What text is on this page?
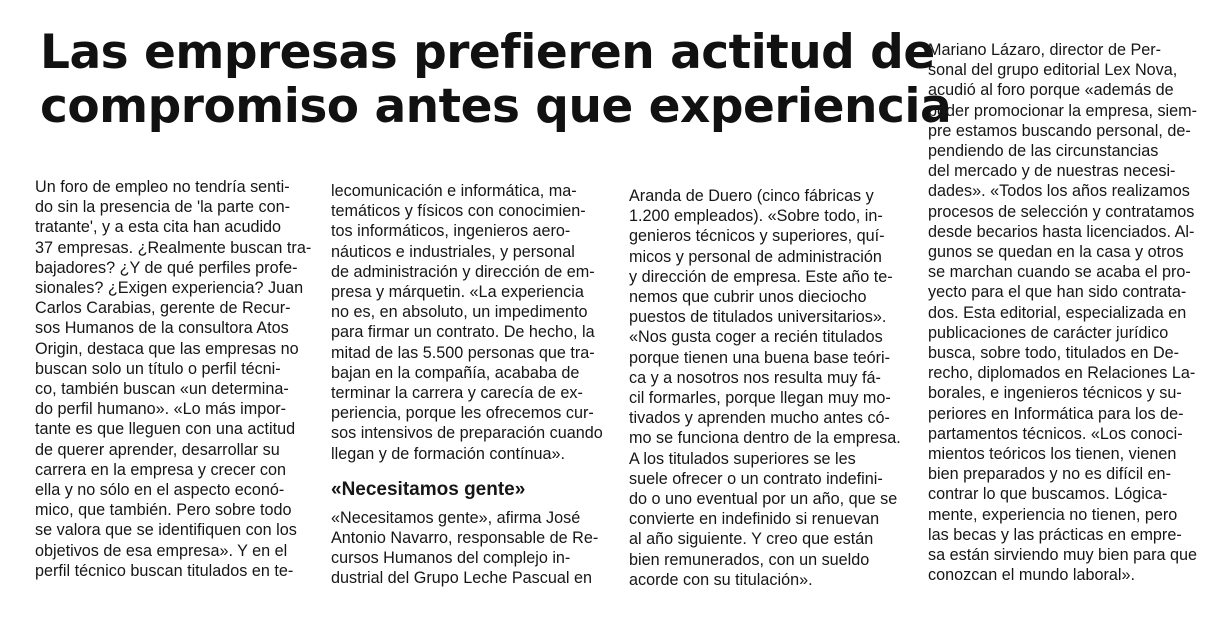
Las empresas prefieren actitud de
compromiso antes que experiencia
Un foro de empleo no tendría senti-
do sin la presencia de 'la parte con-
tratante', y a esta cita han acudido
37 empresas. ¿Realmente buscan tra-
bajadores? ¿Y de qué perfiles profe-
sionales? ¿Exigen experiencia? Juan
Carlos Carabias, gerente de Recur-
sos Humanos de la consultora Atos
Origin, destaca que las empresas no
buscan solo un título o perfil técni-
co, también buscan «un determina-
do perfil humano». «Lo más impor-
tante es que lleguen con una actitud
de querer aprender, desarrollar su
carrera en la empresa y crecer con
ella y no sólo en el aspecto econó-
mico, que también. Pero sobre todo
se valora que se identifiquen con los
objetivos de esa empresa». Y en el
perfil técnico buscan titulados en te-
lecomunicación e informática, ma-
temáticos y físicos con conocimien-
tos informáticos, ingenieros aero-
náuticos e industriales, y personal
de administración y dirección de em-
presa y márquetin. «La experiencia
no es, en absoluto, un impedimento
para firmar un contrato. De hecho, la
mitad de las 5.500 personas que tra-
bajan en la compañía, acababa de
terminar la carrera y carecía de ex-
periencia, porque les ofrecemos cur-
sos intensivos de preparación cuando
llegan y de formación contínua».
«Necesitamos gente»
«Necesitamos gente», afirma José
Antonio Navarro, responsable de Re-
cursos Humanos del complejo in-
dustrial del Grupo Leche Pascual en
Aranda de Duero (cinco fábricas y
1.200 empleados). «Sobre todo, in-
genieros técnicos y superiores, quí-
micos y personal de administración
y dirección de empresa. Este año te-
nemos que cubrir unos dieciocho
puestos de titulados universitarios».
«Nos gusta coger a recién titulados
porque tienen una buena base teóri-
ca y a nosotros nos resulta muy fá-
cil formarles, porque llegan muy mo-
tivados y aprenden mucho antes có-
mo se funciona dentro de la empresa.
A los titulados superiores se les
suele ofrecer o un contrato indefini-
do o uno eventual por un año, que se
convierte en indefinido si renuevan
al año siguiente. Y creo que están
bien remunerados, con un sueldo
acorde con su titulación».
Mariano Lázaro, director de Per-
sonal del grupo editorial Lex Nova,
acudió al foro porque «además de
poder promocionar la empresa, siem-
pre estamos buscando personal, de-
pendiendo de las circunstancias
del mercado y de nuestras necesi-
dades». «Todos los años realizamos
procesos de selección y contratamos
desde becarios hasta licenciados. Al-
gunos se quedan en la casa y otros
se marchan cuando se acaba el pro-
yecto para el que han sido contrata-
dos. Esta editorial, especializada en
publicaciones de carácter jurídico
busca, sobre todo, titulados en De-
recho, diplomados en Relaciones La-
borales, e ingenieros técnicos y su-
periores en Informática para los de-
partamentos técnicos. «Los conoci-
mientos teóricos los tienen, vienen
bien preparados y no es difícil en-
contrar lo que buscamos. Lógica-
mente, experiencia no tienen, pero
las becas y las prácticas en empre-
sa están sirviendo muy bien para que
conozcan el mundo laboral».
